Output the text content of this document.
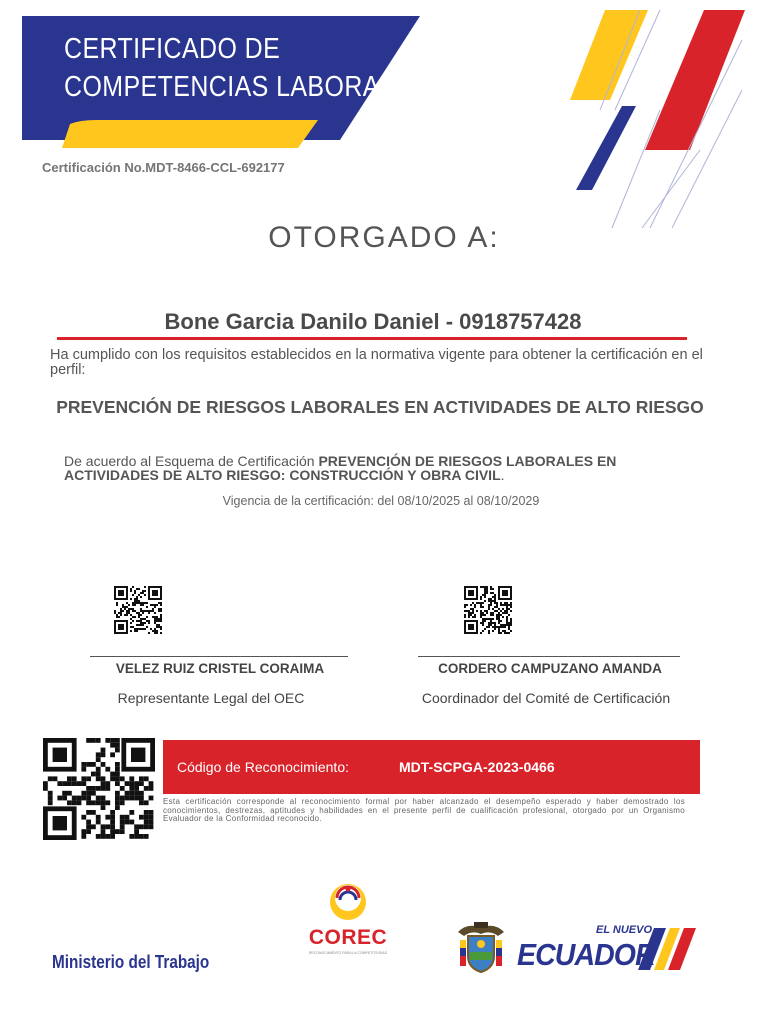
CERTIFICADO DE
COMPETENCIAS LABORALES
Certificación No.MDT-8466-CCL-692177
OTORGADO A:
Bone Garcia Danilo Daniel - 0918757428
Ha cumplido con los requisitos establecidos en la normativa vigente para obtener la certificación en el perfil:
PREVENCIÓN DE RIESGOS LABORALES EN ACTIVIDADES DE ALTO RIESGO
De acuerdo al Esquema de Certificación PREVENCIÓN DE RIESGOS LABORALES EN ACTIVIDADES DE ALTO RIESGO: CONSTRUCCIÓN Y OBRA CIVIL.
Vigencia de la certificación: del 08/10/2025 al 08/10/2029
VELEZ RUIZ CRISTEL CORAIMA	CORDERO CAMPUZANO AMANDA
Representante Legal del OEC	Coordinador del Comité de Certificación
Código de Reconocimiento:	MDT-SCPGA-2023-0466
Esta certificación corresponde al reconocimiento formal por haber alcanzado el desempeño esperado y haber demostrado los conocimientos, destrezas, aptitudes y habilidades en el presente perfil de cualificación profesional, otorgado por un Organismo Evaluador de la Conformidad reconocido.
Ministerio del Trabajo
COREC
RECONOCIMIENTO PARA LA COMPETITIVIDAD
EL NUEVO
ECUADOR
